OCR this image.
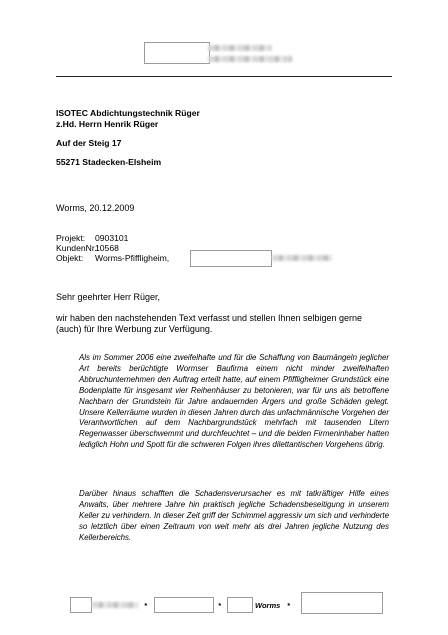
ISOTEC Abdichtungstechnik Rüger
z.Hd. Herrn Henrik Rüger
Auf der Steig 17
55271 Stadecken-Elsheim
Worms, 20.12.2009
Projekt: 0903101
KundenNr.:10568
Objekt: Worms-Pfiffligheim,
Sehr geehrter Herr Rüger,
wir haben den nachstehenden Text verfasst und stellen Ihnen selbigen gerne
(auch) für Ihre Werbung zur Verfügung.
Als im Sommer 2006 eine zweifelhafte und für die Schaffung von Baumängeln jeglicher Art bereits berüchtigte Wormser Baufirma einem nicht minder zweifelhaften Abbruchunternehmen den Auftrag erteilt hatte, auf einem Pfiffligheimer Grundstück eine Bodenplatte für insgesamt vier Reihenhäuser zu betonieren, war für uns als betroffene Nachbarn der Grundstein für Jahre andauernden Ärgers und große Schäden gelegt. Unsere Kellerräume wurden in diesen Jahren durch das unfachmännische Vorgehen der Verantwortlichen auf dem Nachbargrundstück mehrfach mit tausenden Litern Regenwasser überschwemmt und durchfeuchtet – und die beiden Firmeninhaber hatten lediglich Hohn und Spott für die schweren Folgen ihres dilettantischen Vorgehens übrig.
Darüber hinaus schafften die Schadensverursacher es mit tatkräftiger Hilfe eines Anwalts, über mehrere Jahre hin praktisch jegliche Schadensbeseitigung in unserem Keller zu verhindern. In dieser Zeit griff der Schimmel aggressiv um sich und verhinderte so letztlich über einen Zeitraum von weit mehr als drei Jahren jegliche Nutzung des Kellerbereichs.
*	*	Worms *
